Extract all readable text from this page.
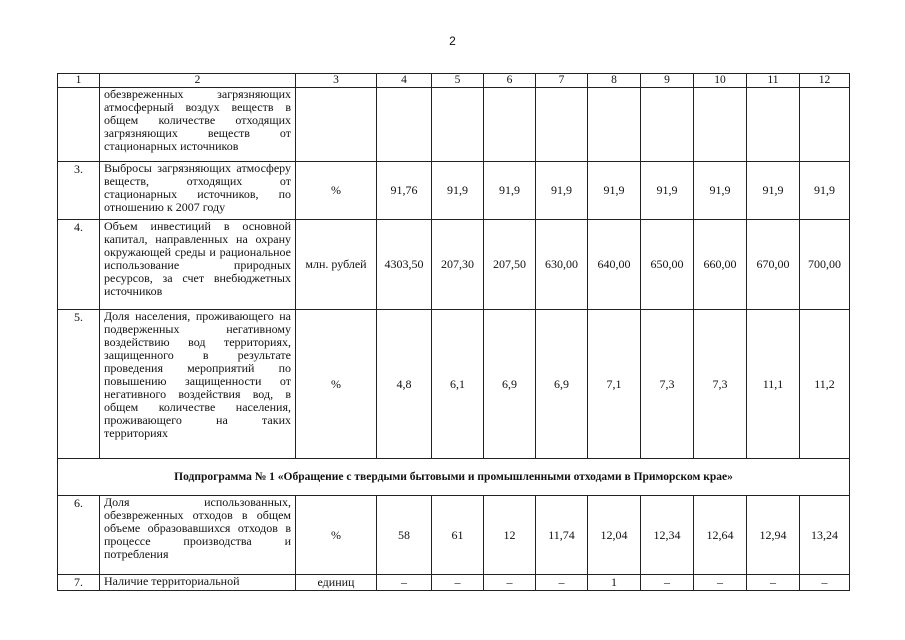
2
1	2	3	4	5	6	7	8	9	10	11	12
	обезвреженных загрязняющих атмосферный воздух веществ в общем количестве отходящих загрязняющих веществ от стационарных источников										
3.	Выбросы загрязняющих атмосферу веществ, отходящих от стационарных источников, по отношению к 2007 году	%	91,76	91,9	91,9	91,9	91,9	91,9	91,9	91,9	91,9
4.	Объем инвестиций в основной капитал, направленных на охрану окружающей среды и рациональное использование природных ресурсов, за счет внебюджетных источников	млн. рублей	4303,50	207,30	207,50	630,00	640,00	650,00	660,00	670,00	700,00
5.	Доля населения, проживающего на подверженных негативному воздействию вод территориях, защищенного в результате проведения мероприятий по повышению защищенности от негативного воздействия вод, в общем количестве населения, проживающего на таких территориях	%	4,8	6,1	6,9	6,9	7,1	7,3	7,3	11,1	11,2
Подпрограмма № 1 «Обращение с твердыми бытовыми и промышленными отходами в Приморском крае»											
6.	Доля использованных, обезвреженных отходов в общем объеме образовавшихся отходов в процессе производства и потребления	%	58	61	12	11,74	12,04	12,34	12,64	12,94	13,24
7.	Наличие территориальной	единиц	–	–	–	–	1	–	–	–	–
